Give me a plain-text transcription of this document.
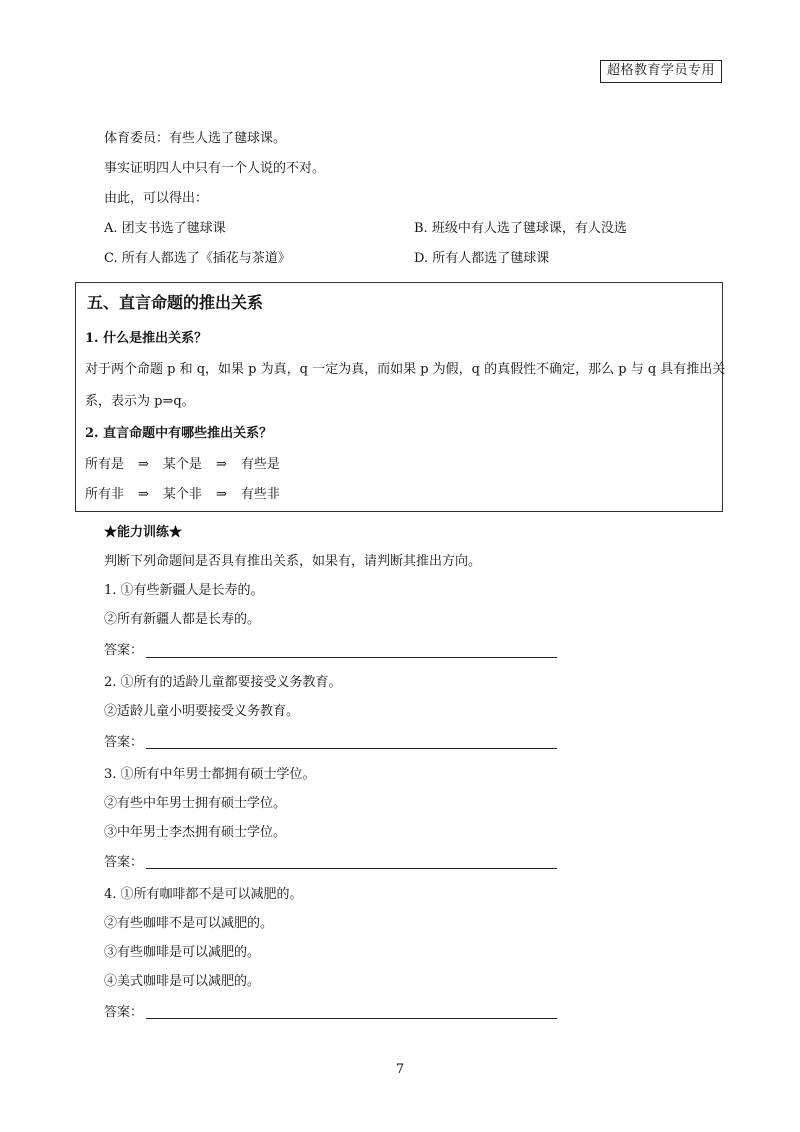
超格教育学员专用
体育委员：有些人选了毽球课。
事实证明四人中只有一个人说的不对。
由此，可以得出：
A. 团支书选了毽球课	B. 班级中有人选了毽球课，有人没选
C. 所有人都选了《插花与茶道》	D. 所有人都选了毽球课
五、直言命题的推出关系
1. 什么是推出关系？
对于两个命题 p 和 q，如果 p 为真，q 一定为真，而如果 p 为假，q 的真假性不确定，那么 p 与 q 具有推出关
系，表示为 p⇒q。
2. 直言命题中有哪些推出关系？
所有是 ⇒ 某个是 ⇒ 有些是
所有非 ⇒ 某个非 ⇒ 有些非
★能力训练★
判断下列命题间是否具有推出关系，如果有，请判断其推出方向。
1. ①有些新疆人是长寿的。
②所有新疆人都是长寿的。
答案：
2. ①所有的适龄儿童都要接受义务教育。
②适龄儿童小明要接受义务教育。
答案：
3. ①所有中年男士都拥有硕士学位。
②有些中年男士拥有硕士学位。
③中年男士李杰拥有硕士学位。
答案：
4. ①所有咖啡都不是可以减肥的。
②有些咖啡不是可以减肥的。
③有些咖啡是可以减肥的。
④美式咖啡是可以减肥的。
答案：
7
